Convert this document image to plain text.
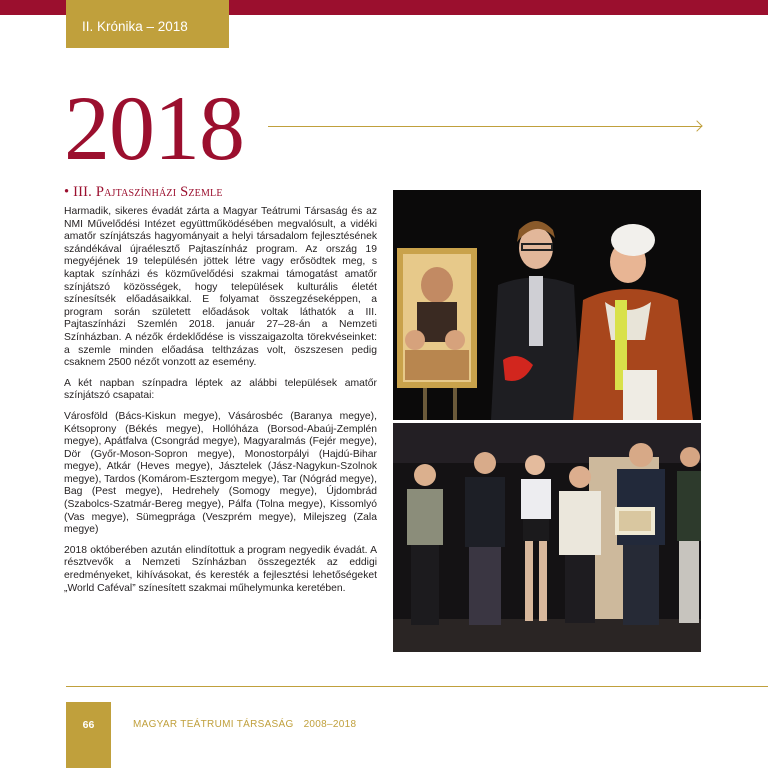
II. Krónika – 2018
2018
• III. Pajtaszínházi Szemle

Harmadik, sikeres évadát zárta a Magyar Teátrumi Társaság és az NMI Művelődési Intézet együttműködésében megvalósult, a vidéki amatőr színjátszás hagyományait a helyi társadalom fejlesztésének szándékával újraélesztő Pajtaszínház program. Az ország 19 megyéjének 19 településén jöttek létre vagy erősödtek meg, s kaptak színházi és közművelődési szakmai támogatást amatőr színjátszó közösségek, hogy települések kulturális életét színesítsék előadásaikkal. E folyamat összegzéseképpen, a program során született előadások voltak láthatók a III. Pajtaszínházi Szemlén 2018. január 27–28-án a Nemzeti Színházban. A nézők érdeklődése is visszaigazolta törekvéseinket: a szemle minden előadása telthzázas volt, öszszesen pedig csaknem 2500 nézőt vonzott az esemény.

A két napban színpadra léptek az alábbi települések amatőr színjátszó csapatai:

Városföld (Bács-Kiskun megye), Vásárosbéc (Baranya megye), Kétsoprony (Békés megye), Hollóháza (Borsod-Abaúj-Zemplén megye), Apátfalva (Csongrád megye), Magyaralmás (Fejér megye), Dör (Győr-Moson-Sopron megye), Monostorpályi (Hajdú-Bihar megye), Atkár (Heves megye), Jásztelek (Jász-Nagykun-Szolnok megye), Tardos (Komárom-Esztergom megye), Tar (Nógrád megye), Bag (Pest megye), Hedrehely (Somogy megye), Újdombrád (Szabolcs-Szatmár-Bereg megye), Pálfa (Tolna megye), Kissomlyó (Vas megye), Sümegprága (Veszprém megye), Milejszeg (Zala megye)

2018 októberében azután elindítottuk a program negyedik évadát. A résztvevők a Nemzeti Színházban összegezték az eddigi eredményeket, kihívásokat, és keresték a fejlesztési lehetőségeket „World Caféval” színesített szakmai műhelymunka keretében.

66	MAGYAR TEÁTRUMI TÁRSASÁG 2008–2018
